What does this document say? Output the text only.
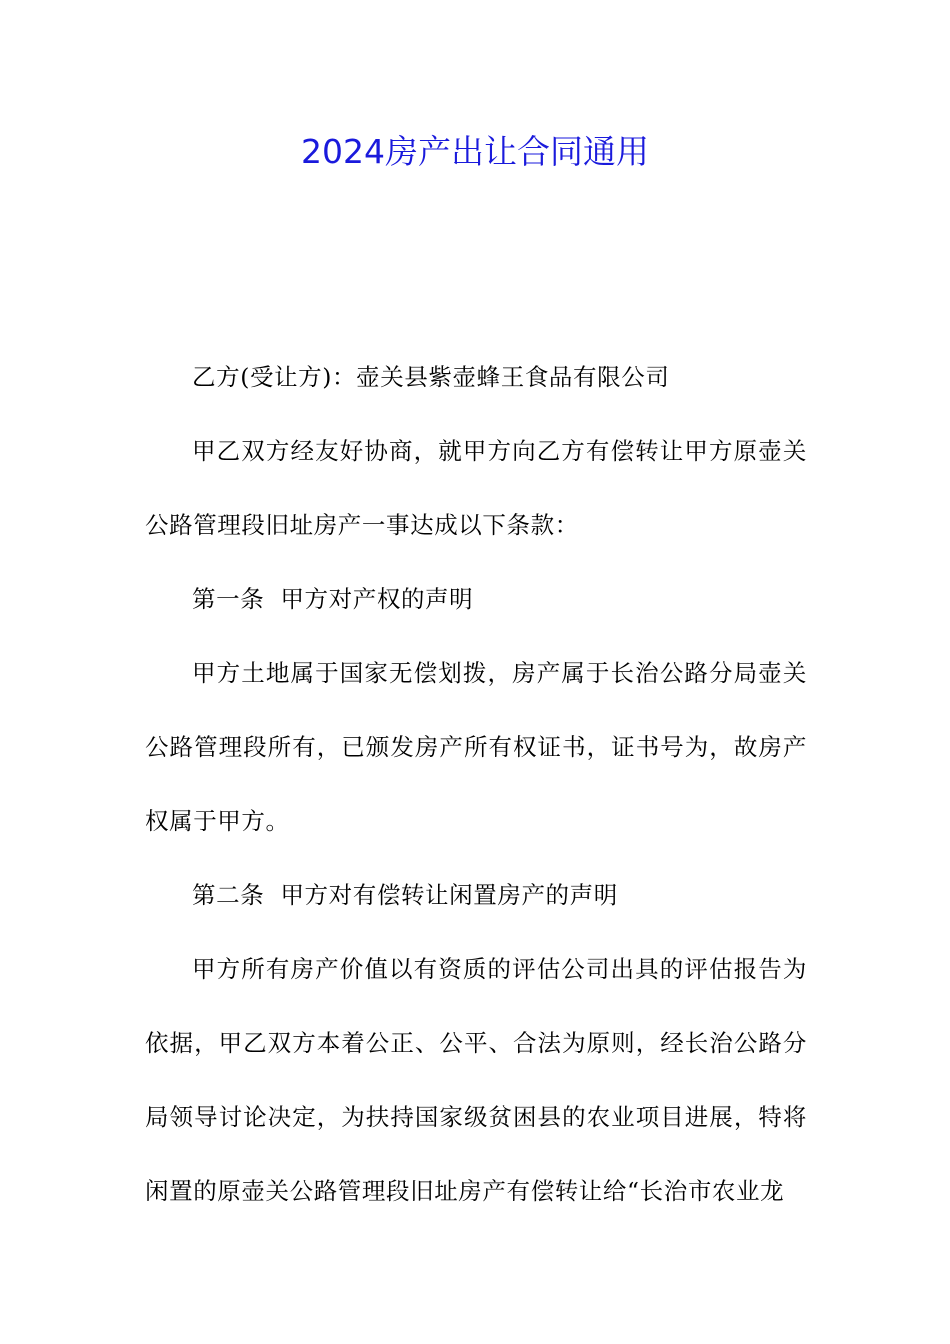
2024房产出让合同通用

乙方(受让方)：壶关县紫壶蜂王食品有限公司

甲乙双方经友好协商，就甲方向乙方有偿转让甲方原壶关公路管理段旧址房产一事达成以下条款：

第一条  甲方对产权的声明

甲方土地属于国家无偿划拨，房产属于长治公路分局壶关公路管理段所有，已颁发房产所有权证书，证书号为，故房产权属于甲方。

第二条  甲方对有偿转让闲置房产的声明

甲方所有房产价值以有资质的评估公司出具的评估报告为依据，甲乙双方本着公正、公平、合法为原则，经长治公路分局领导讨论决定，为扶持国家级贫困县的农业项目进展，特将闲置的原壶关公路管理段旧址房产有偿转让给“长治市农业龙
